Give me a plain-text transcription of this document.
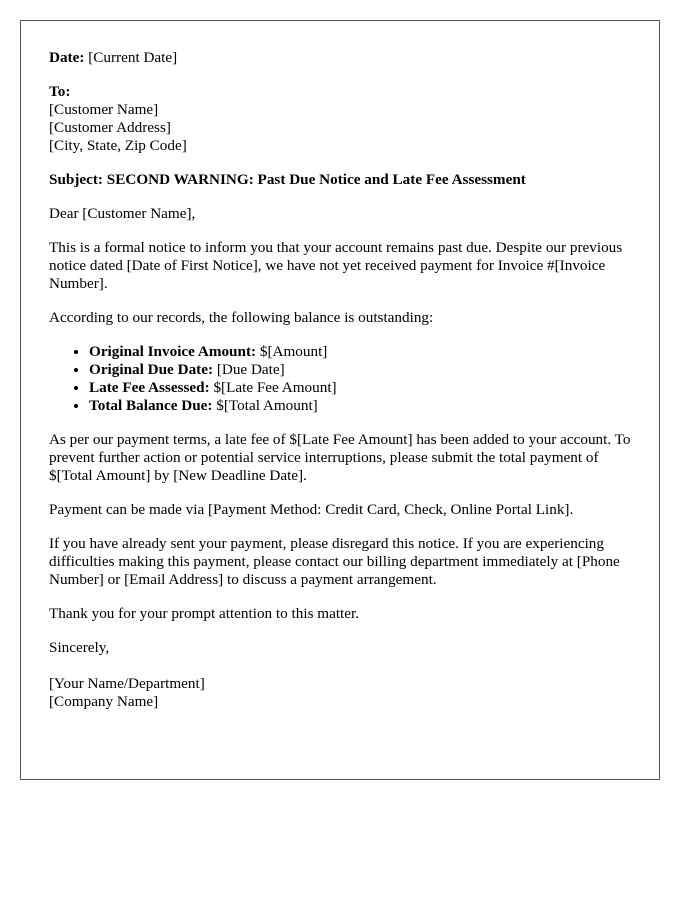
Date: [Current Date]
To:
[Customer Name]
[Customer Address]
[City, State, Zip Code]
Subject: SECOND WARNING: Past Due Notice and Late Fee Assessment
Dear [Customer Name],
This is a formal notice to inform you that your account remains past due. Despite our previous notice dated [Date of First Notice], we have not yet received payment for Invoice #[Invoice Number].
According to our records, the following balance is outstanding:
• Original Invoice Amount: $[Amount]
• Original Due Date: [Due Date]
• Late Fee Assessed: $[Late Fee Amount]
• Total Balance Due: $[Total Amount]
As per our payment terms, a late fee of $[Late Fee Amount] has been added to your account. To prevent further action or potential service interruptions, please submit the total payment of $[Total Amount] by [New Deadline Date].
Payment can be made via [Payment Method: Credit Card, Check, Online Portal Link].
If you have already sent your payment, please disregard this notice. If you are experiencing difficulties making this payment, please contact our billing department immediately at [Phone Number] or [Email Address] to discuss a payment arrangement.
Thank you for your prompt attention to this matter.
Sincerely,
[Your Name/Department]
[Company Name]
